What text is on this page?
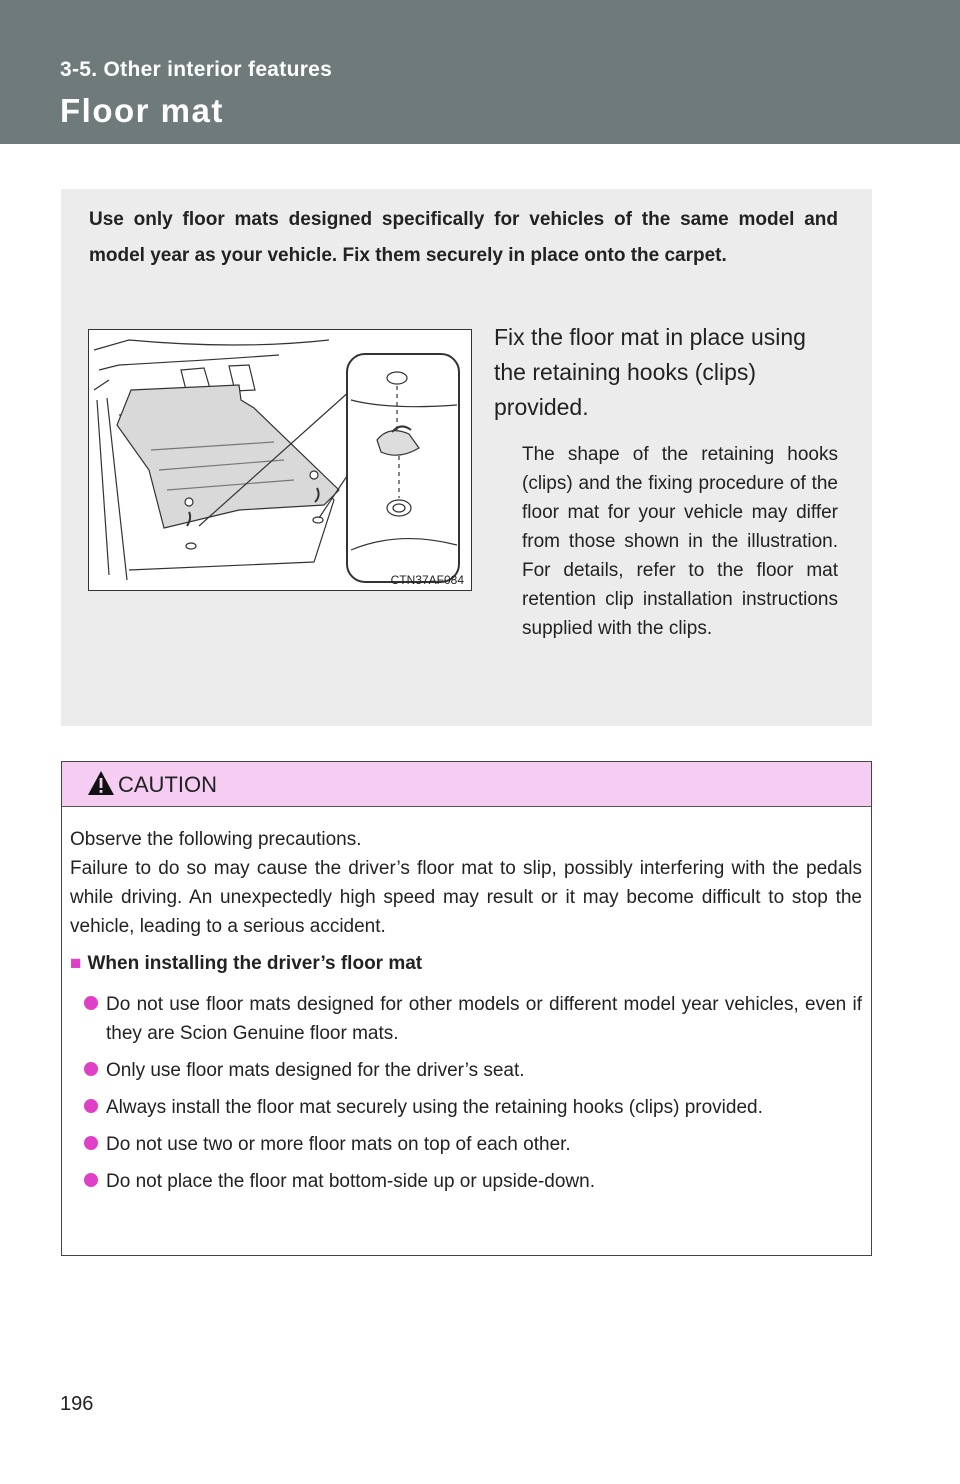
3-5. Other interior features
Floor mat
Use only floor mats designed specifically for vehicles of the same model and model year as your vehicle. Fix them securely in place onto the carpet.
CTN37AF084
Fix the floor mat in place using the retaining hooks (clips) provided.
The shape of the retaining hooks (clips) and the fixing procedure of the floor mat for your vehicle may differ from those shown in the illustration. For details, refer to the floor mat retention clip installation instructions supplied with the clips.
CAUTION

Observe the following precautions.

Failure to do so may cause the driver’s floor mat to slip, possibly interfering with the pedals while driving. An unexpectedly high speed may result or it may become difficult to stop the vehicle, leading to a serious accident.

■ When installing the driver’s floor mat
Do not use floor mats designed for other models or different model year vehicles, even if they are Scion Genuine floor mats.
Only use floor mats designed for the driver’s seat.
Always install the floor mat securely using the retaining hooks (clips) provided.
Do not use two or more floor mats on top of each other.
Do not place the floor mat bottom-side up or upside-down.
196
